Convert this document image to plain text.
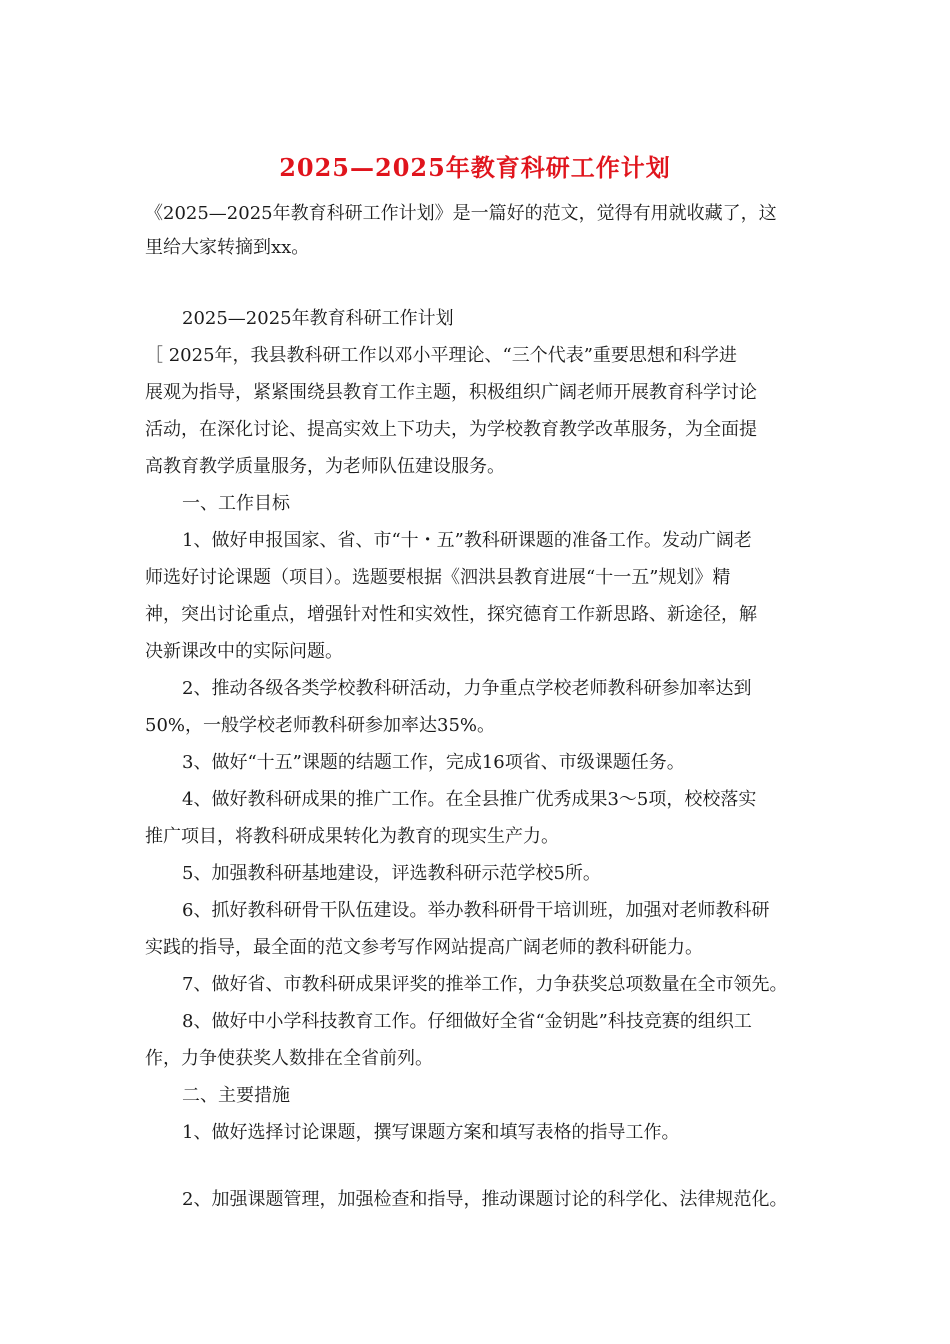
2025—2025年教育科研工作计划
《2025—2025年教育科研工作计划》是一篇好的范文，觉得有用就收藏了，这
里给大家转摘到xx。
2025—2025年教育科研工作计划
［ 2025年，我县教科研工作以邓小平理论、“三个代表”重要思想和科学进
展观为指导，紧紧围绕县教育工作主题，积极组织广阔老师开展教育科学讨论
活动，在深化讨论、提高实效上下功夫，为学校教育教学改革服务，为全面提
高教育教学质量服务，为老师队伍建设服务。
一、工作目标
1、做好申报国家、省、市“十・五”教科研课题的准备工作。发动广阔老
师选好讨论课题（项目）。选题要根据《泗洪县教育进展“十一五”规划》精
神，突出讨论重点，增强针对性和实效性，探究德育工作新思路、新途径，解
决新课改中的实际问题。
2、推动各级各类学校教科研活动，力争重点学校老师教科研参加率达到
50%，一般学校老师教科研参加率达35%。
3、做好“十五”课题的结题工作，完成16项省、市级课题任务。
4、做好教科研成果的推广工作。在全县推广优秀成果3～5项，校校落实
推广项目，将教科研成果转化为教育的现实生产力。
5、加强教科研基地建设，评选教科研示范学校5所。
6、抓好教科研骨干队伍建设。举办教科研骨干培训班，加强对老师教科研
实践的指导，最全面的范文参考写作网站提高广阔老师的教科研能力。
7、做好省、市教科研成果评奖的推举工作，力争获奖总项数量在全市领先。
8、做好中小学科技教育工作。仔细做好全省“金钥匙”科技竞赛的组织工
作，力争使获奖人数排在全省前列。
二、主要措施
1、做好选择讨论课题，撰写课题方案和填写表格的指导工作。
2、加强课题管理，加强检查和指导，推动课题讨论的科学化、法律规范化。
